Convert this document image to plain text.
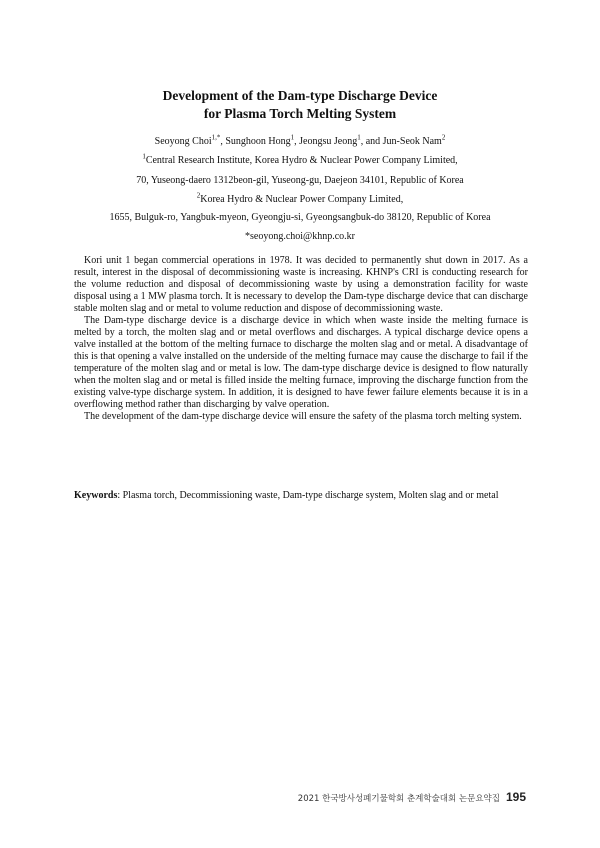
Development of the Dam-type Discharge Device
for Plasma Torch Melting System
Seoyong Choi$^{1,*}$, Sunghoon Hong$^1$, Jeongsu Jeong$^1$, and Jun-Seok Nam$^2$
$^1$Central Research Institute, Korea Hydro & Nuclear Power Company Limited,
70, Yuseong-daero 1312beon-gil, Yuseong-gu, Daejeon 34101, Republic of Korea
$^2$Korea Hydro & Nuclear Power Company Limited,
1655, Bulguk-ro, Yangbuk-myeon, Gyeongju-si, Gyeongsangbuk-do 38120, Republic of Korea
*seoyong.choi@khnp.co.kr

Kori unit 1 began commercial operations in 1978. It was decided to permanently shut down in 2017. As a result, interest in the disposal of decommissioning waste is increasing. KHNP's CRI is conducting research for the volume reduction and disposal of decommissioning waste by using a demonstration facility for waste disposal using a 1 MW plasma torch. It is necessary to develop the Dam-type discharge device that can discharge stable molten slag and or metal to volume reduction and dispose of decommissioning waste.

The Dam-type discharge device is a discharge device in which when waste inside the melting furnace is melted by a torch, the molten slag and or metal overflows and discharges. A typical discharge device opens a valve installed at the bottom of the melting furnace to discharge the molten slag and or metal. A disadvantage of this is that opening a valve installed on the underside of the melting furnace may cause the discharge to fail if the temperature of the molten slag and or metal is low. The dam-type discharge device is designed to flow naturally when the molten slag and or metal is filled inside the melting furnace, improving the discharge function from the existing valve-type discharge system. In addition, it is designed to have fewer failure elements because it is in a overflowing method rather than discharging by valve operation.

The development of the dam-type discharge device will ensure the safety of the plasma torch melting system.

Keywords: Plasma torch, Decommissioning waste, Dam-type discharge system, Molten slag and or metal
2021 한국방사성폐기물학회 춘계학술대회 논문요약집 195
